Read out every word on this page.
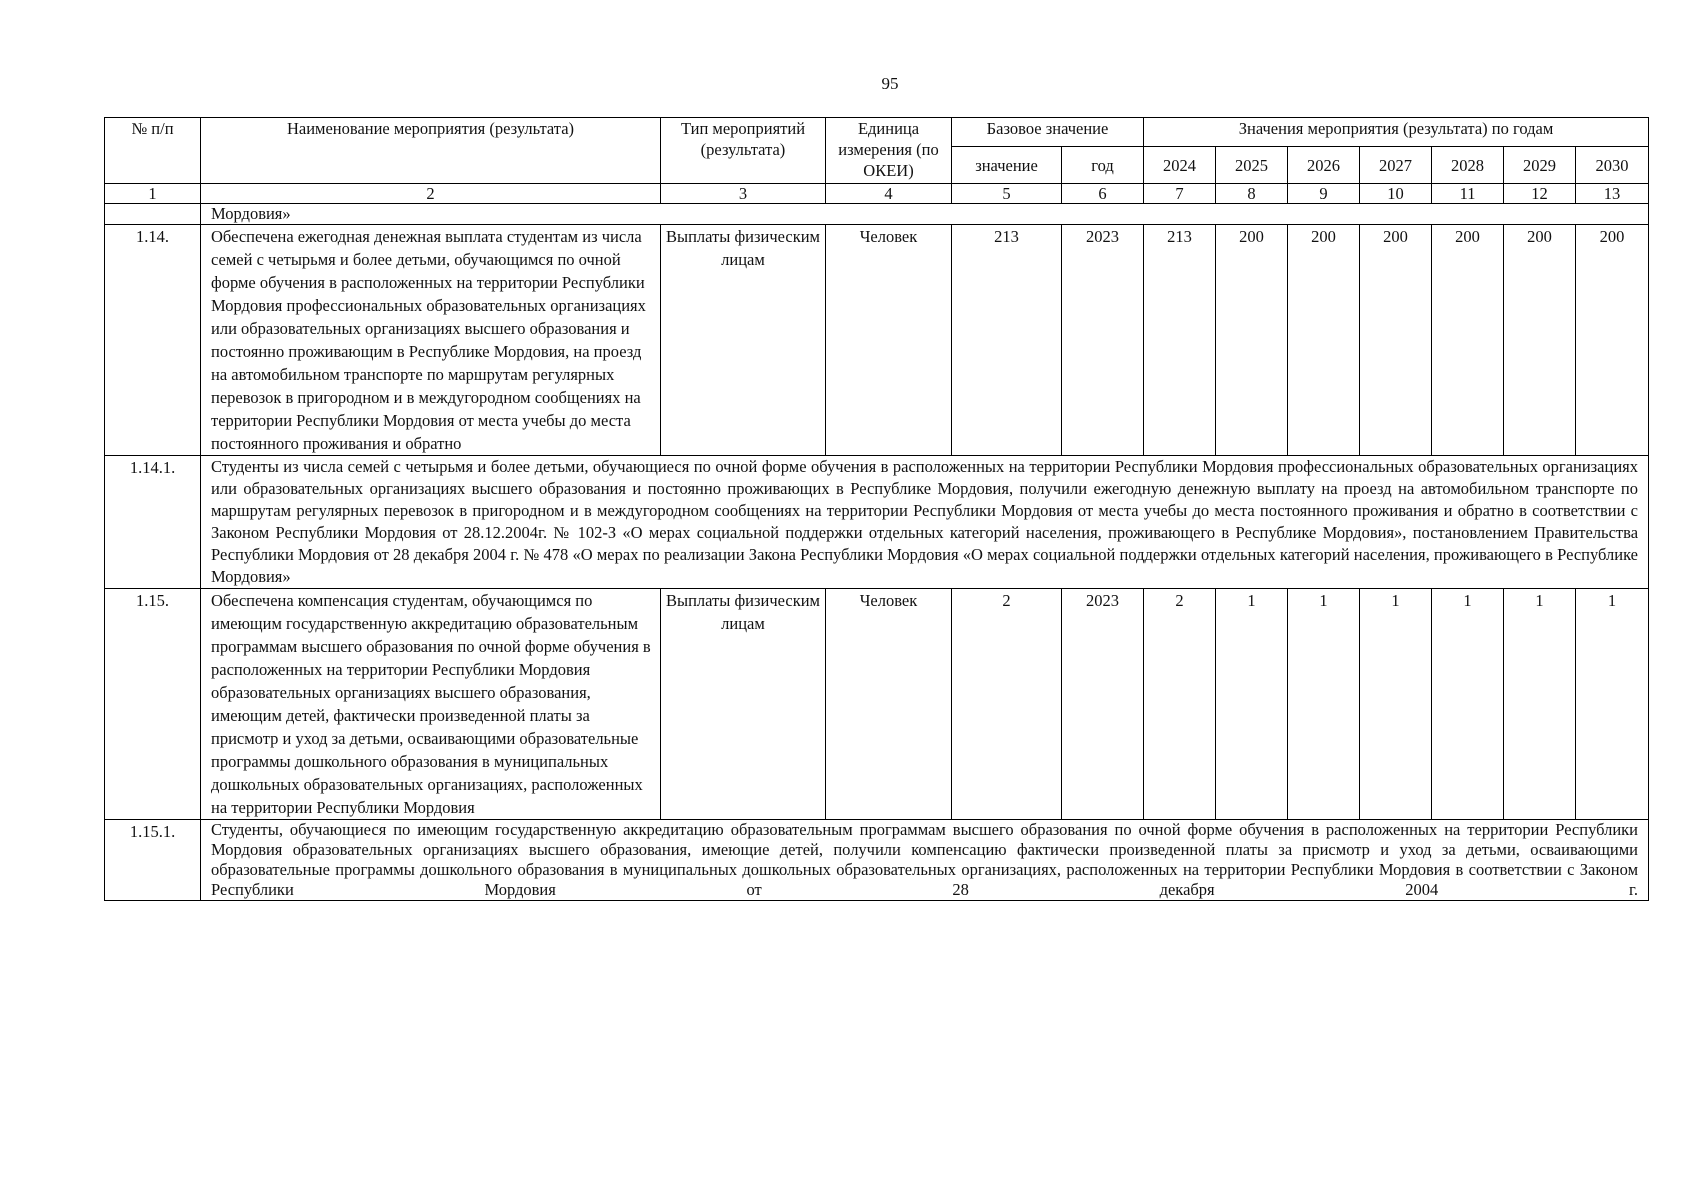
95
№ п/п	Наименование мероприятия (результата)	Тип мероприятий (результата)	Единица измерения (по ОКЕИ)	Базовое значение		Значения мероприятия (результата) по годам						
				значение	год	2024	2025	2026	2027	2028	2029	2030
1	2	3	4	5	6	7	8	9	10	11	12	13
	Мордовия»											
1.14.	Обеспечена ежегодная денежная выплата студентам из числа семей с четырьмя и более детьми, обучающимся по очной форме обучения в расположенных на территории Республики Мордовия профессиональных образовательных организациях или образовательных организациях высшего образования и постоянно проживающим в Республике Мордовия, на проезд на автомобильном транспорте по маршрутам регулярных перевозок в пригородном и в междугородном сообщениях на территории Республики Мордовия от места учебы до места постоянного проживания и обратно	Выплаты физическим лицам	Человек	213	2023	213	200	200	200	200	200	200
1.14.1.	Студенты из числа семей с четырьмя и более детьми, обучающиеся по очной форме обучения в расположенных на территории Республики Мордовия профессиональных образовательных организациях или образовательных организациях высшего образования и постоянно проживающих в Республике Мордовия, получили ежегодную денежную выплату на проезд на автомобильном транспорте по маршрутам регулярных перевозок в пригородном и в междугородном сообщениях на территории Республики Мордовия от места учебы до места постоянного проживания и обратно в соответствии с Законом Республики Мордовия от 28.12.2004г. № 102-З «О мерах социальной поддержки отдельных категорий населения, проживающего в Республике Мордовия», постановлением Правительства Республики Мордовия от 28 декабря 2004 г. № 478 «О мерах по реализации Закона Республики Мордовия «О мерах социальной поддержки отдельных категорий населения, проживающего в Республике Мордовия»											
1.15.	Обеспечена компенсация студентам, обучающимся по имеющим государственную аккредитацию образовательным программам высшего образования по очной форме обучения в расположенных на территории Республики Мордовия образовательных организациях высшего образования, имеющим детей, фактически произведенной платы за присмотр и уход за детьми, осваивающими образовательные программы дошкольного образования в муниципальных дошкольных образовательных организациях, расположенных на территории Республики Мордовия	Выплаты физическим лицам	Человек	2	2023	2	1	1	1	1	1	1
1.15.1.	Студенты, обучающиеся по имеющим государственную аккредитацию образовательным программам высшего образования по очной форме обучения в расположенных на территории Республики Мордовия образовательных организациях высшего образования, имеющие детей, получили компенсацию фактически произведенной платы за присмотр и уход за детьми, осваивающими образовательные программы дошкольного образования в муниципальных дошкольных образовательных организациях, расположенных на территории Республики Мордовия в соответствии с Законом Республики Мордовия от 28 декабря 2004 г.											
